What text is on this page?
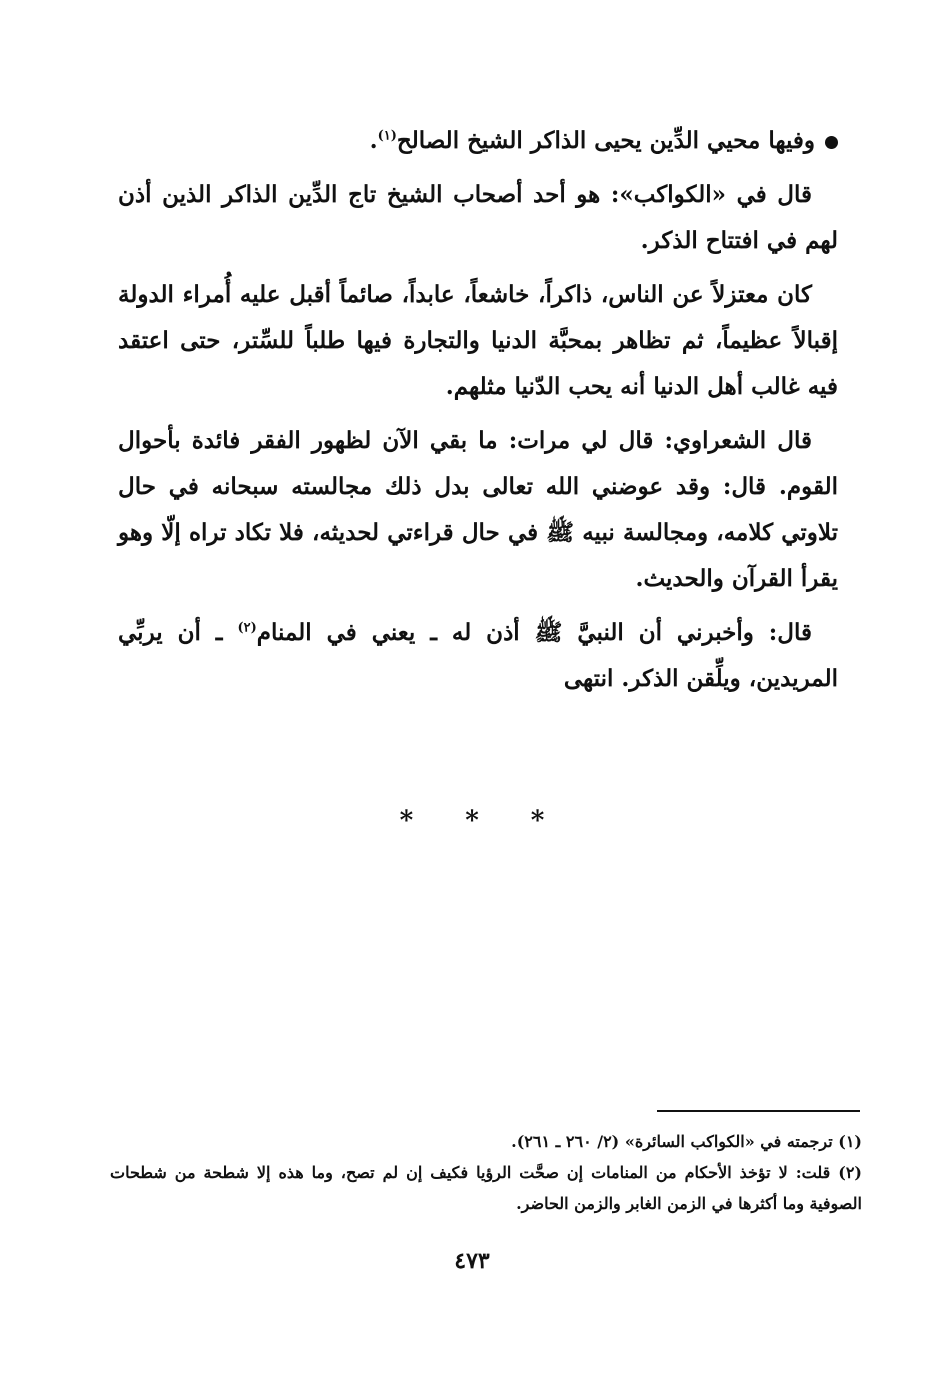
وفيها محيي الدِّين يحيى الذاكر الشيخ الصالح$^{(١)}$.

قال في «الكواكب»: هو أحد أصحاب الشيخ تاج الدِّين الذاكر الذين أذن لهم في افتتاح الذكر.

كان معتزلاً عن الناس، ذاكراً، خاشعاً، عابداً، صائماً أقبل عليه أُمراء الدولة إقبالاً عظيماً، ثم تظاهر بمحبَّة الدنيا والتجارة فيها طلباً للسِّتر، حتى اعتقد فيه غالب أهل الدنيا أنه يحب الدّنيا مثلهم.

قال الشعراوي: قال لي مرات: ما بقي الآن لظهور الفقر فائدة بأحوال القوم. قال: وقد عوضني الله تعالى بدل ذلك مجالسته سبحانه في حال تلاوتي كلامه، ومجالسة نبيه ﷺ في حال قراءتي لحديثه، فلا تكاد تراه إلّا وهو يقرأ القرآن والحديث.

قال: وأخبرني أن النبيَّ ﷺ أذن له ـ يعني في المنام$^{(٢)}$ ـ أن يربِّي المريدين، ويلِّقن الذكر. انتهى

* * *

(١) ترجمته في «الكواكب السائرة» (٢/ ٢٦٠ ـ ٢٦١).

(٢) قلت: لا تؤخذ الأحكام من المنامات إن صحَّت الرؤيا فكيف إن لم تصح، وما هذه إلا شطحة من شطحات الصوفية وما أكثرها في الزمن الغابر والزمن الحاضر.

٤٧٣
